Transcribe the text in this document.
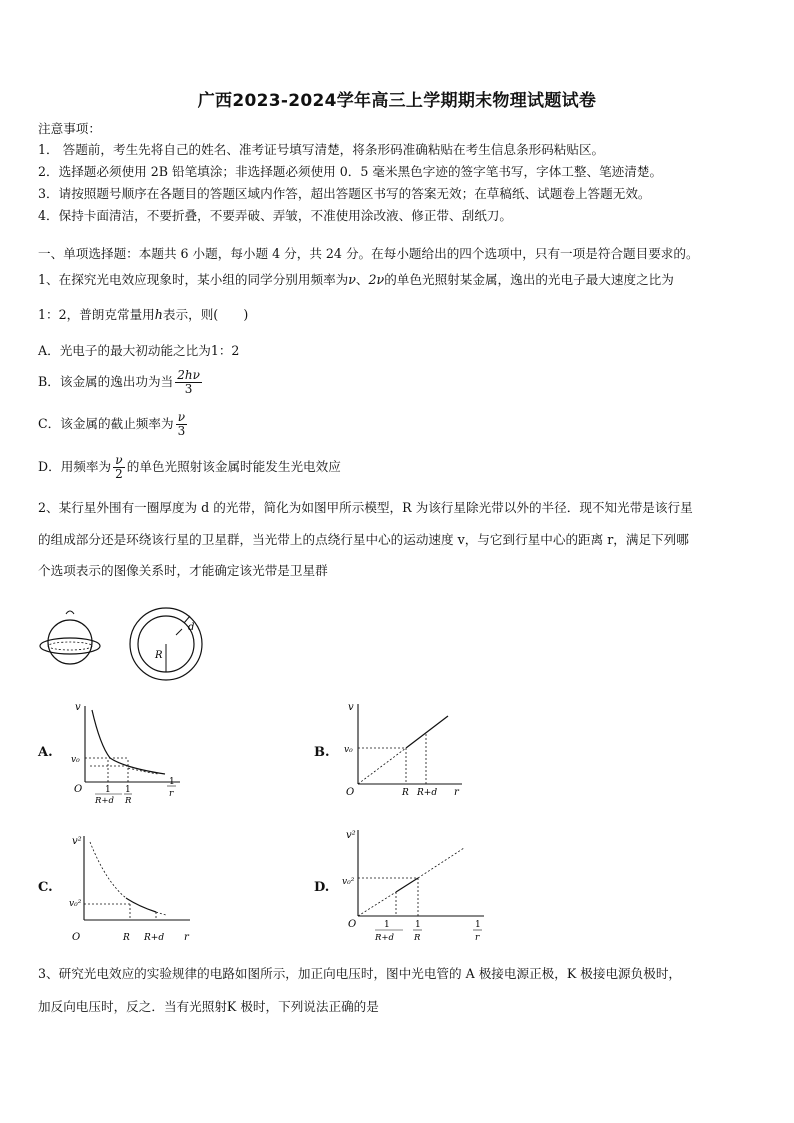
广西2023-2024学年高三上学期期末物理试题试卷
注意事项：
1． 答题前，考生先将自己的姓名、准考证号填写清楚，将条形码准确粘贴在考生信息条形码粘贴区。
2．选择题必须使用 2B 铅笔填涂；非选择题必须使用 0．5 毫米黑色字迹的签字笔书写，字体工整、笔迹清楚。
3．请按照题号顺序在各题目的答题区域内作答，超出答题区书写的答案无效；在草稿纸、试题卷上答题无效。
4．保持卡面清洁，不要折叠，不要弄破、弄皱，不准使用涂改液、修正带、刮纸刀。
一、单项选择题：本题共 6 小题，每小题 4 分，共 24 分。在每小题给出的四个选项中，只有一项是符合题目要求的。
1、在探究光电效应现象时，某小组的同学分别用频率为ν、2ν的单色光照射某金属，逸出的光电子最大速度之比为
1：2，普朗克常量用h表示，则(　　)
A．光电子的最大初动能之比为1：2
B．该金属的逸出功为当 $\frac{2h\nu}{3}$
C．该金属的截止频率为 $\frac{\nu}{3}$
D．用频率为 $\frac{\nu}{2}$ 的单色光照射该金属时能发生光电效应
2、某行星外围有一圈厚度为 d 的光带，简化为如图甲所示模型，R 为该行星除光带以外的半径．现不知光带是该行星
的组成部分还是环绕该行星的卫星群，当光带上的点绕行星中心的运动速度 v，与它到行星中心的距离 r，满足下列哪
个选项表示的图像关系时，才能确定该光带是卫星群
d
R
A.
v
O
v₀
1
R+d
1
R
1
r
B.
v
O
v₀
R R+d r
C.
v²
O
v₀²
R R+d r
D.
v²
O
v₀²
1
R+d
1
R
1
r
3、研究光电效应的实验规律的电路如图所示，加正向电压时，图中光电管的 A 极接电源正极，K 极接电源负极时，
加反向电压时，反之．当有光照射K 极时，下列说法正确的是
